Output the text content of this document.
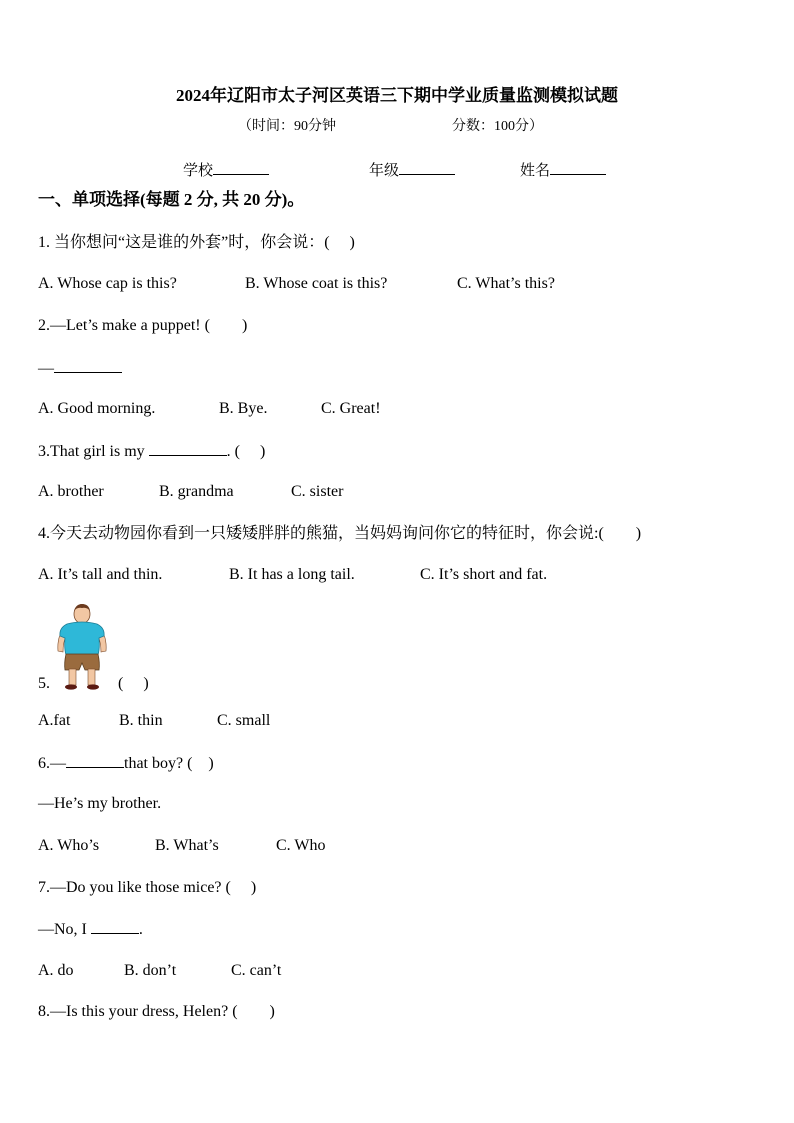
2024年辽阳市太子河区英语三下期中学业质量监测模拟试题
（时间：90分钟	分数：100分）
学校	年级	姓名
一、单项选择(每题 2 分, 共 20 分)。
1. 当你想问“这是谁的外套”时，你会说：(　 )
A. Whose cap is this?	B. Whose coat is this?	C. What’s this?
2.—Let’s make a puppet! (　　)
—
A. Good morning.	B. Bye.	C. Great!
3.That girl is my	. (　 )
A. brother	B. grandma	C. sister
4.今天去动物园你看到一只矮矮胖胖的熊猫，当妈妈询问你它的特征时，你会说:(　　)
A. It’s tall and thin.	B. It has a long tail.	C. It’s short and fat.
5.	(　 )
A.fat	B. thin	C. small
6.—	that boy? (　)
—He’s my brother.
A. Who’s	B. What’s	C. Who
7.—Do you like those mice? (　 )
—No, I	.
A. do	B. don’t	C. can’t
8.—Is this your dress, Helen? (　　)
